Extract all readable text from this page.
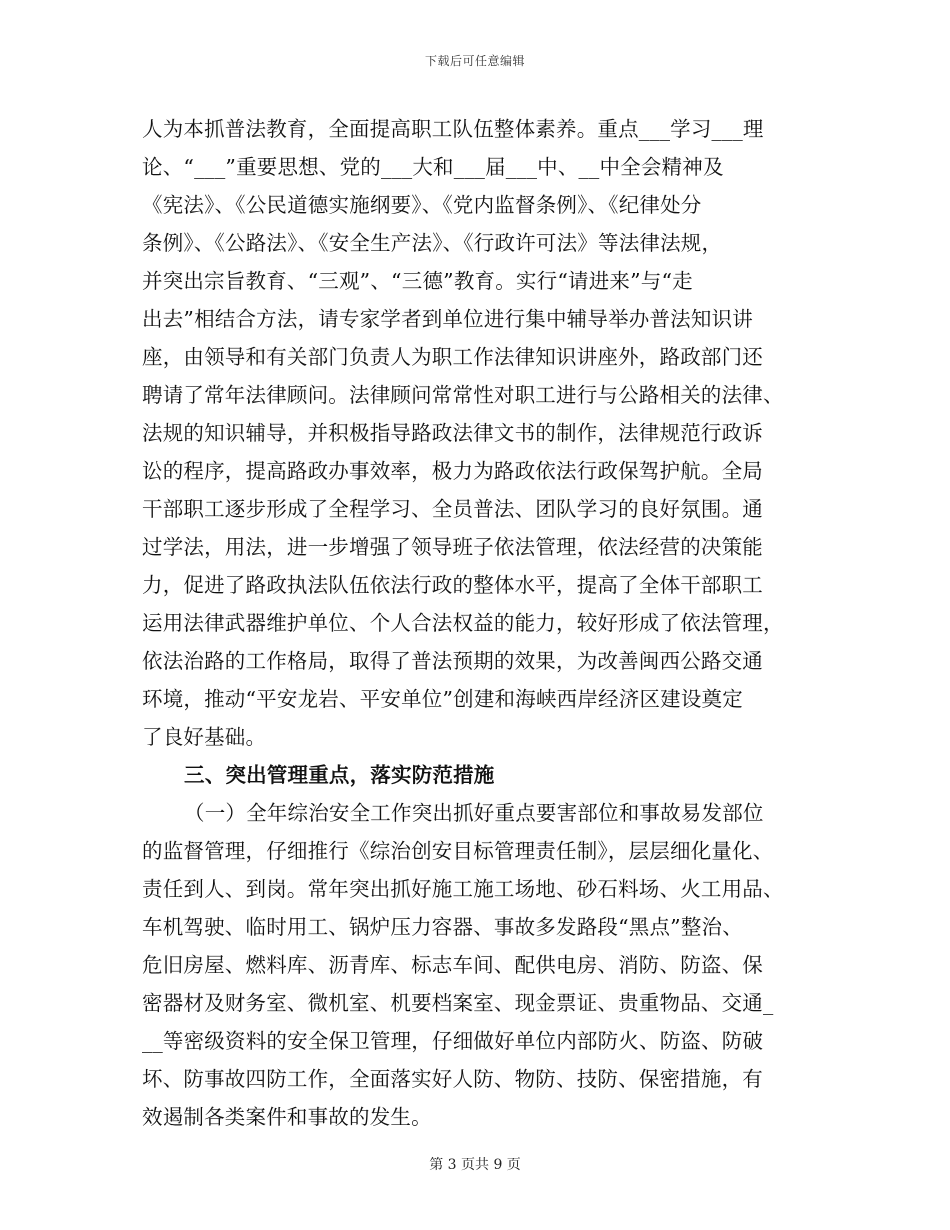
下载后可任意编辑
人为本抓普法教育，全面提高职工队伍整体素养。重点___学习___理
论、“___”重要思想、党的___大和___届___中、__中全会精神及
《宪法》、《公民道德实施纲要》、《党内监督条例》、《纪律处分
条例》、《公路法》、《安全生产法》、《行政许可法》等法律法规，
并突出宗旨教育、“三观”、“三德”教育。实行“请进来”与“走
出去”相结合方法，请专家学者到单位进行集中辅导举办普法知识讲
座，由领导和有关部门负责人为职工作法律知识讲座外，路政部门还
聘请了常年法律顾问。法律顾问常常性对职工进行与公路相关的法律、
法规的知识辅导，并积极指导路政法律文书的制作，法律规范行政诉
讼的程序，提高路政办事效率，极力为路政依法行政保驾护航。全局
干部职工逐步形成了全程学习、全员普法、团队学习的良好氛围。通
过学法，用法，进一步增强了领导班子依法管理，依法经营的决策能
力，促进了路政执法队伍依法行政的整体水平，提高了全体干部职工
运用法律武器维护单位、个人合法权益的能力，较好形成了依法管理，
依法治路的工作格局，取得了普法预期的效果，为改善闽西公路交通
环境，推动“平安龙岩、平安单位”创建和海峡西岸经济区建设奠定
了良好基础。
三、突出管理重点，落实防范措施
（一）全年综治安全工作突出抓好重点要害部位和事故易发部位
的监督管理，仔细推行《综治创安目标管理责任制》，层层细化量化、
责任到人、到岗。常年突出抓好施工施工场地、砂石料场、火工用品、
车机驾驶、临时用工、锅炉压力容器、事故多发路段“黑点”整治、
危旧房屋、燃料库、沥青库、标志车间、配供电房、消防、防盗、保
密器材及财务室、微机室、机要档案室、现金票证、贵重物品、交通_
__等密级资料的安全保卫管理，仔细做好单位内部防火、防盗、防破
坏、防事故四防工作，全面落实好人防、物防、技防、保密措施，有
效遏制各类案件和事故的发生。
第 3 页共 9 页
